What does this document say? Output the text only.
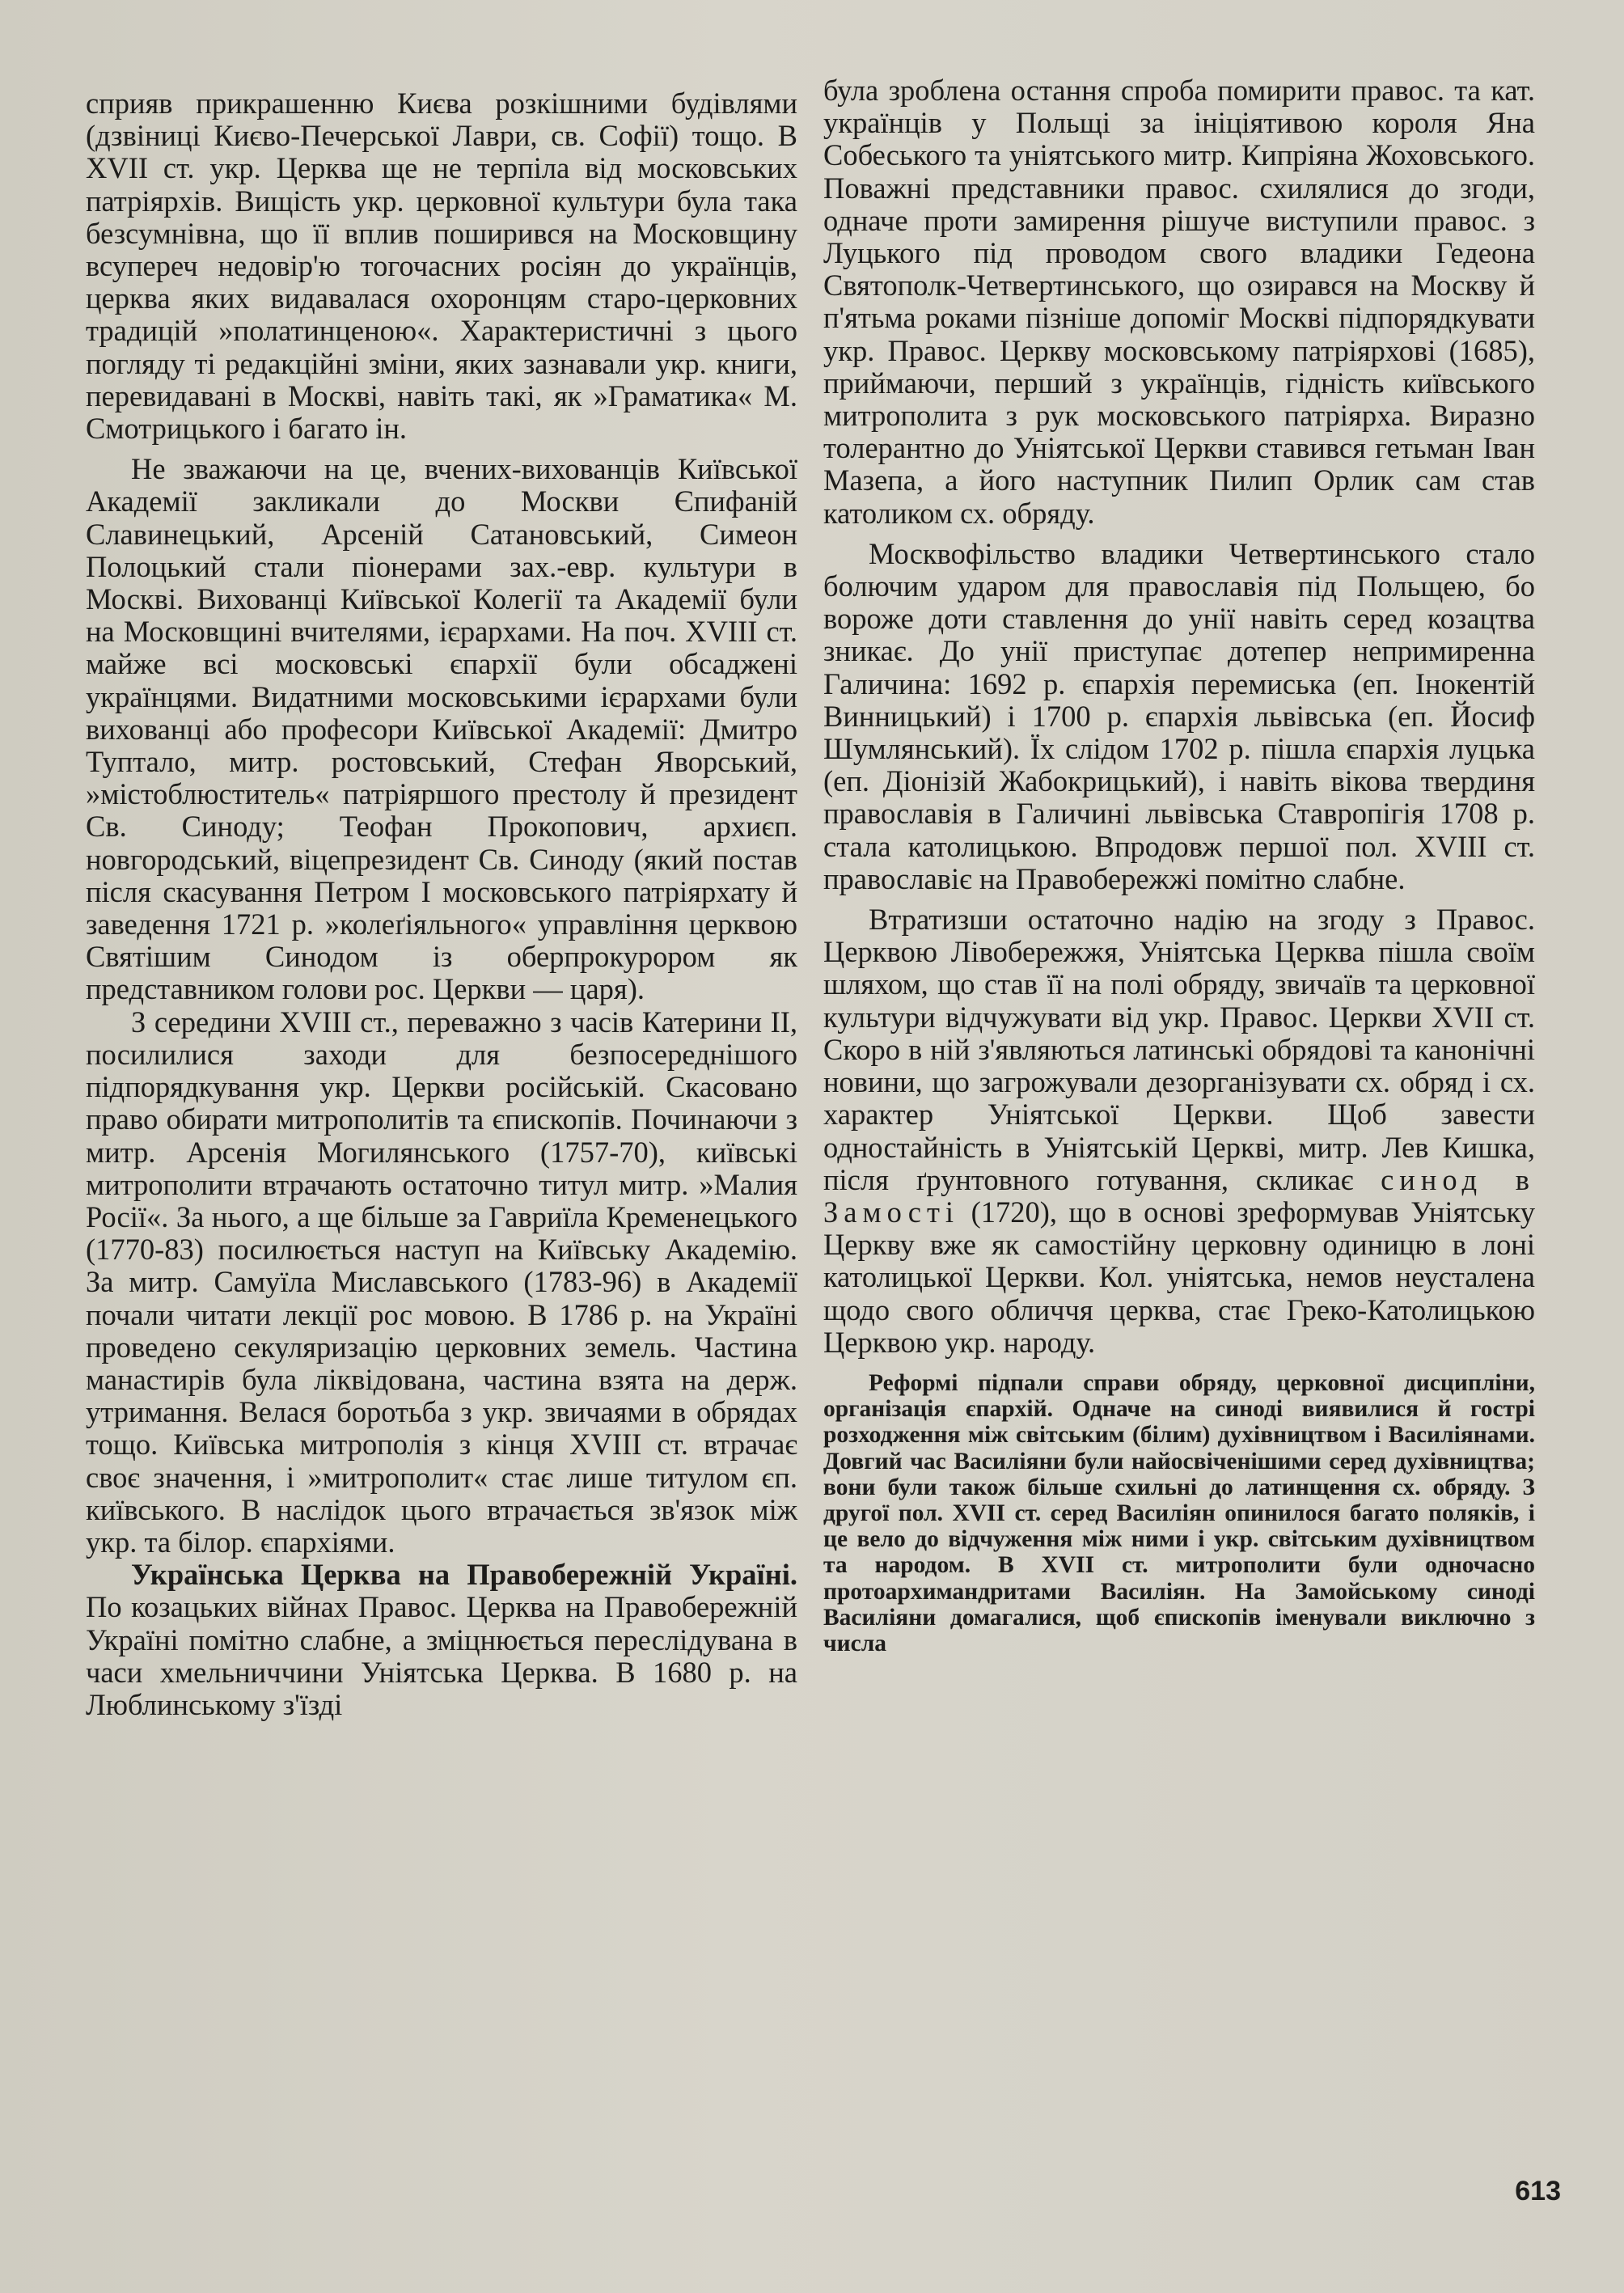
сприяв прикрашенню Києва розкішними будівлями (дзвіниці Києво-Печерської Лаври, св. Софії) тощо. В XVII ст. укр. Церква ще не терпіла від московських патріярхів. Вищість укр. церковної культури була така безсумнівна, що її вплив поширився на Московщину всупереч недовір'ю тогочасних росіян до українців, церква яких видавалася охоронцям старо-церковних традицій »полатинценою«. Характеристичні з цього погляду ті редакційні зміни, яких зазнавали укр. книги, перевидавані в Москві, навіть такі, як »Граматика« М. Смотрицького і багато ін.

Не зважаючи на це, вчених-вихованців Київської Академії закликали до Москви Єпифаній Славинецький, Арсеній Сатановський, Симеон Полоцький стали піонерами зах.-евр. культури в Москві. Вихованці Київської Колегії та Академії були на Московщині вчителями, ієрархами. На поч. XVIII ст. майже всі московські єпархії були обсаджені українцями. Видатними московськими ієрархами були вихованці або професори Київської Академії: Дмитро Туптало, митр. ростовський, Стефан Яворський, »містоблюститель« патріяршого престолу й президент Св. Синоду; Теофан Прокопович, архиєп. новгородський, віцепрезидент Св. Синоду (який постав після скасування Петром І московського патріярхату й заведення 1721 р. »колеґіяльного« управління церквою Святішим Синодом із оберпрокурором як представником голови рос. Церкви — царя).

З середини XVIII ст., переважно з часів Катерини II, посилилися заходи для безпосереднішого підпорядкування укр. Церкви російській. Скасовано право обирати митрополитів та єпископів. Починаючи з митр. Арсенія Могилянського (1757-70), київські митрополити втрачають остаточно титул митр. »Малия Росії«. За нього, а ще більше за Гавриїла Кременецького (1770-83) посилюється наступ на Київську Академію. За митр. Самуїла Миславського (1783-96) в Академії почали читати лекції рос мовою. В 1786 р. на Україні проведено секуляризацію церковних земель. Частина манастирів була ліквідована, частина взята на держ. утримання. Велася боротьба з укр. звичаями в обрядах тощо. Київська митрополія з кінця XVIII ст. втрачає своє значення, і »митрополит« стає лише титулом єп. київського. В наслідок цього втрачається зв'язок між укр. та білор. єпархіями.

Українська Церква на Правобережній Україні. По козацьких війнах Правос. Церква на Правобережній Україні помітно слабне, а зміцнюється переслідувана в часи хмельниччини Уніятська Церква. В 1680 р. на Люблинському з'їзді

була зроблена остання спроба помирити правос. та кат. українців у Польщі за ініціятивою короля Яна Собеського та уніятського митр. Кипріяна Жоховського. Поважні представники правос. схилялися до згоди, одначе проти замирення рішуче виступили правос. з Луцького під проводом свого владики Гедеона Святополк-Четвертинського, що озирався на Москву й п'ятьма роками пізніше допоміг Москві підпорядкувати укр. Правос. Церкву московському патріярхові (1685), приймаючи, перший з українців, гідність київського митрополита з рук московського патріярха. Виразно толерантно до Уніятської Церкви ставився гетьман Іван Мазепа, а його наступник Пилип Орлик сам став католиком сх. обряду.

Москвофільство владики Четвертинського стало болючим ударом для православія під Польщею, бо вороже доти ставлення до унії навіть серед козацтва зникає. До унії приступає дотепер непримиренна Галичина: 1692 р. єпархія перемиська (еп. Інокентій Винницький) і 1700 р. єпархія львівська (еп. Йосиф Шумлянський). Їх слідом 1702 р. пішла єпархія луцька (еп. Діонізій Жабокрицький), і навіть вікова твердиня православія в Галичині львівська Ставропігія 1708 р. стала католицькою. Впродовж першої пол. XVIII ст. православіє на Правобережжі помітно слабне.

Втратизши остаточно надію на згоду з Правос. Церквою Лівобережжя, Уніятська Церква пішла своїм шляхом, що став її на полі обряду, звичаїв та церковної культури відчужувати від укр. Правос. Церкви XVII ст. Скоро в ній з'являються латинські обрядові та канонічні новини, що загрожували дезорганізувати сх. обряд і сх. характер Уніятської Церкви. Щоб завести одностайність в Уніятській Церкві, митр. Лев Кишка, після ґрунтовного готування, скликає синод в Замості (1720), що в основі зреформував Уніятську Церкву вже як самостійну церковну одиницю в лоні католицької Церкви. Кол. уніятська, немов неусталена щодо свого обличчя церква, стає Греко-Католицькою Церквою укр. народу.

Реформі підпали справи обряду, церковної дисципліни, організація єпархій. Одначе на синоді виявилися й гострі розходження між світським (білим) духівництвом і Василіянами. Довгий час Василіяни були найосвіченішими серед духівництва; вони були також більше схильні до латинщення сх. обряду. З другої пол. XVII ст. серед Василіян опинилося багато поляків, і це вело до відчуження між ними і укр. світським духівництвом та народом. В XVII ст. митрополити були одночасно протоархимандритами Василіян. На Замойському синоді Василіяни домагалися, щоб єпископів іменували виключно з числа

613
